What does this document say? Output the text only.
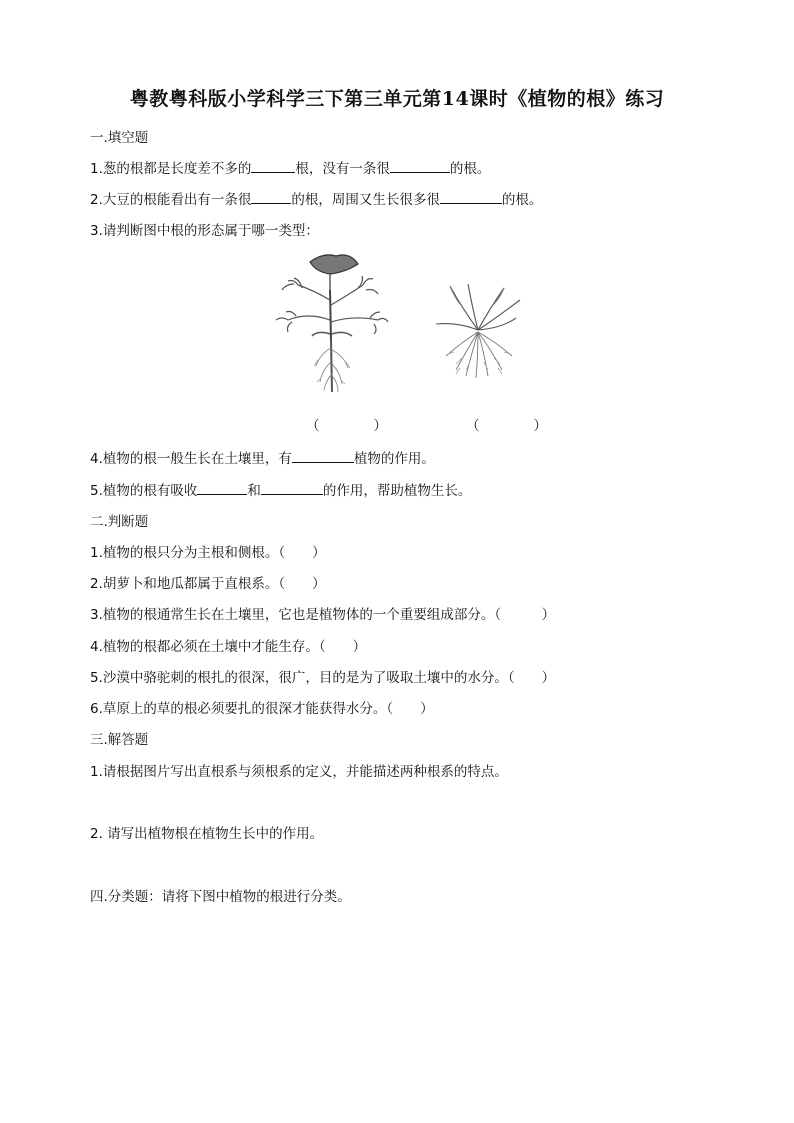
粤教粤科版小学科学三下第三单元第14课时《植物的根》练习
一.填空题
1.葱的根都是长度差不多的	根，没有一条很	的根。
2.大豆的根能看出有一条很	的根，周围又生长很多很	的根。
3.请判断图中根的形态属于哪一类型：
（　　　　）	（　　　　）
4.植物的根一般生长在土壤里，有	植物的作用。
5.植物的根有吸收	和	的作用，帮助植物生长。
二.判断题
1.植物的根只分为主根和侧根。（　　）
2.胡萝卜和地瓜都属于直根系。（　　）
3.植物的根通常生长在土壤里，它也是植物体的一个重要组成部分。（　　　）
4.植物的根都必须在土壤中才能生存。（　　）
5.沙漠中骆驼刺的根扎的很深，很广，目的是为了吸取土壤中的水分。（　　）
6.草原上的草的根必须要扎的很深才能获得水分。（　　）
三.解答题
1.请根据图片写出直根系与须根系的定义，并能描述两种根系的特点。
2. 请写出植物根在植物生长中的作用。
四.分类题：请将下图中植物的根进行分类。
